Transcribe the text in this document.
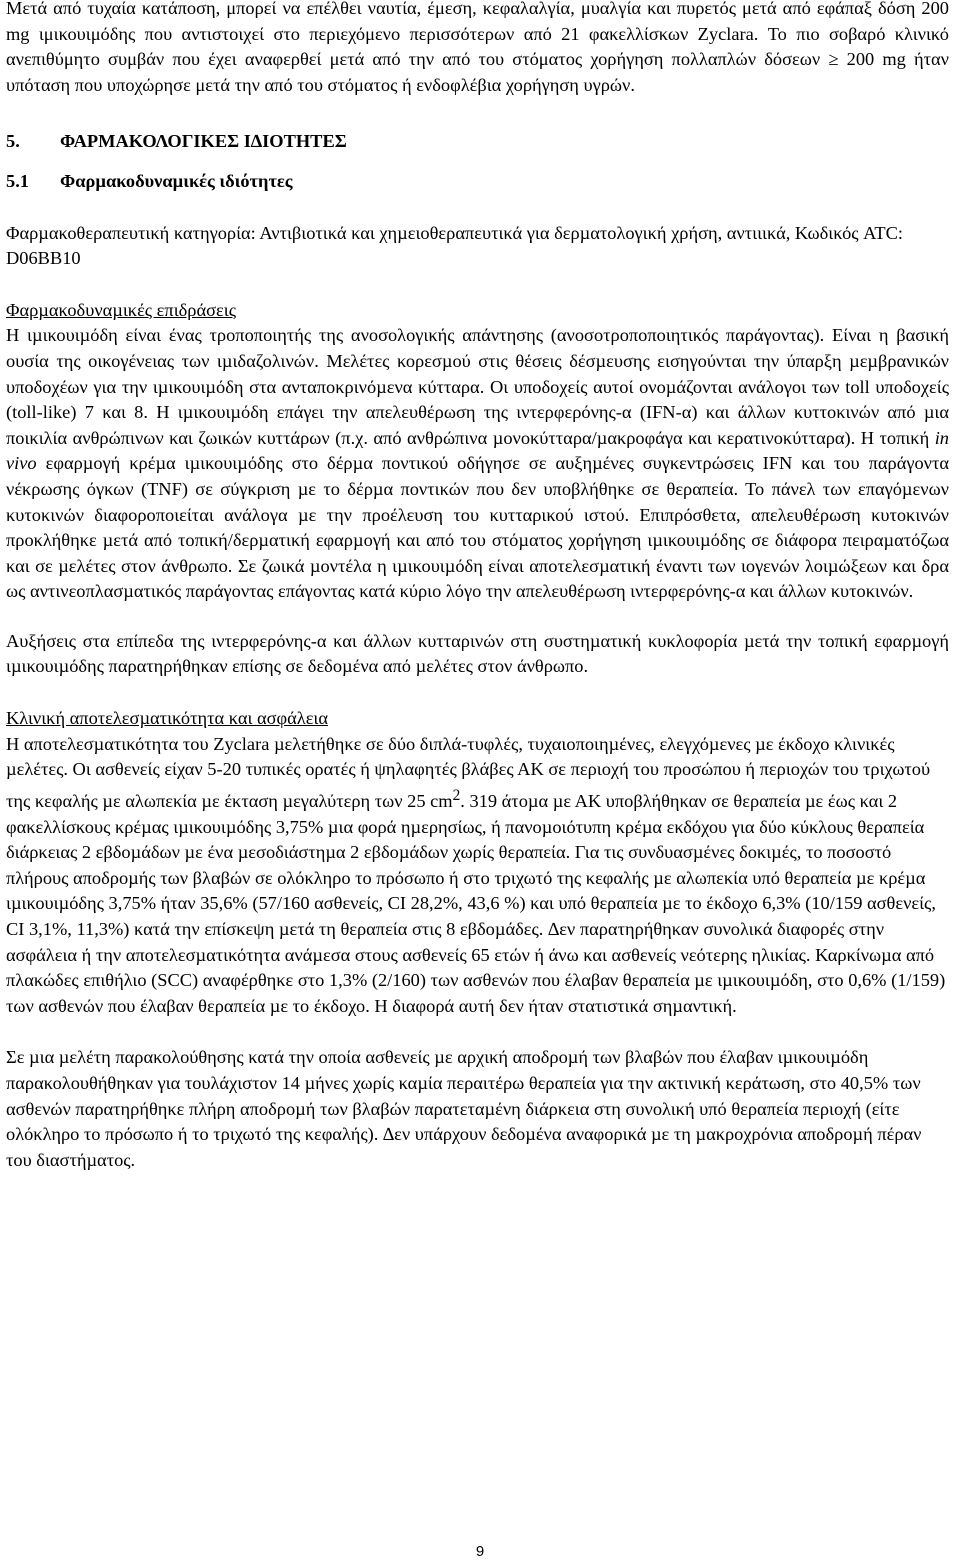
Μετά από τυχαία κατάποση, μπορεί να επέλθει ναυτία, έμεση, κεφαλαλγία, μυαλγία και πυρετός μετά από εφάπαξ δόση 200 mg ιμικουιμόδης που αντιστοιχεί στο περιεχόμενο περισσότερων από 21 φακελλίσκων Zyclara. Το πιο σοβαρό κλινικό ανεπιθύμητο συμβάν που έχει αναφερθεί μετά από την από του στόματος χορήγηση πολλαπλών δόσεων ≥ 200 mg ήταν υπόταση που υποχώρησε μετά την από του στόματος ή ενδοφλέβια χορήγηση υγρών.

5. ΦΑΡΜΑΚΟΛΟΓΙΚΕΣ Ι∆ΙΟΤΗΤΕΣ

5.1 Φαρµακοδυναµικές ιδιότητες

Φαρµακοθεραπευτική κατηγορία: Αντιβιοτικά και χηµειοθεραπευτικά για δερµατολογική χρήση, αντιιικά, Κωδικός ATC: D06BB10

Φαρµακοδυναµικές επιδράσεις

Η ιµικουιµόδη είναι ένας τροποποιητής της ανοσολογικής απάντησης (ανοσοτροποποιητικός παράγοντας). Είναι η βασική ουσία της οικογένειας των ιµιδαζολινών. Μελέτες κορεσµού στις θέσεις δέσµευσης εισηγούνται την ύπαρξη µεµβρανικών υποδοχέων για την ιµικουιµόδη στα ανταποκρινόµενα κύτταρα. Οι υποδοχείς αυτοί ονοµάζονται ανάλογοι των toll υποδοχείς (toll-like) 7 και 8. Η ιµικουιµόδη επάγει την απελευθέρωση της ιντερφερόνης-α (IFN-α) και άλλων κυττοκινών από µια ποικιλία ανθρώπινων και ζωικών κυττάρων (π.χ. από ανθρώπινα µονοκύτταρα/µακροφάγα και κερατινοκύτταρα). Η τοπική in vivo εφαρµογή κρέµα ιµικουιµόδης στο δέρµα ποντικού οδήγησε σε αυξηµένες συγκεντρώσεις IFN και του παράγοντα νέκρωσης όγκων (TNF) σε σύγκριση µε το δέρµα ποντικών που δεν υποβλήθηκε σε θεραπεία. Το πάνελ των επαγόµενων κυτοκινών διαφοροποιείται ανάλογα µε την προέλευση του κυτταρικού ιστού. Επιπρόσθετα, απελευθέρωση κυτοκινών προκλήθηκε µετά από τοπική/δερµατική εφαρµογή και από του στόµατος χορήγηση ιµικουιµόδης σε διάφορα πειραµατόζωα και σε µελέτες στον άνθρωπο. Σε ζωικά µοντέλα η ιµικουιµόδη είναι αποτελεσµατική έναντι των ιογενών λοιµώξεων και δρα ως αντινεοπλασµατικός παράγοντας επάγοντας κατά κύριο λόγο την απελευθέρωση ιντερφερόνης-α και άλλων κυτοκινών.

Αυξήσεις στα επίπεδα της ιντερφερόνης-α και άλλων κυτταρινών στη συστηµατική κυκλοφορία µετά την τοπική εφαρµογή ιµικουιµόδης παρατηρήθηκαν επίσης σε δεδοµένα από µελέτες στον άνθρωπο.

Κλινική αποτελεσµατικότητα και ασφάλεια

Η αποτελεσµατικότητα του Zyclara µελετήθηκε σε δύο διπλά-τυφλές, τυχαιοποιηµένες, ελεγχόµενες µε έκδοχο κλινικές µελέτες. Οι ασθενείς είχαν 5-20 τυπικές ορατές ή ψηλαφητές βλάβες ΑΚ σε περιοχή του προσώπου ή περιοχών του τριχωτού της κεφαλής µε αλωπεκία µε έκταση µεγαλύτερη των 25 $cm^2$. 319 άτοµα µε ΑΚ υποβλήθηκαν σε θεραπεία µε έως και 2 φακελλίσκους κρέµας ιµικουιµόδης 3,75% µια φορά ηµερησίως, ή πανοµοιότυπη κρέµα εκδόχου για δύο κύκλους θεραπεία διάρκειας 2 εβδοµάδων µε ένα µεσοδιάστηµα 2 εβδοµάδων χωρίς θεραπεία. Για τις συνδυασµένες δοκιµές, το ποσοστό πλήρους αποδροµής των βλαβών σε ολόκληρο το πρόσωπο ή στο τριχωτό της κεφαλής µε αλωπεκία υπό θεραπεία µε κρέµα ιµικουιµόδης 3,75% ήταν 35,6% (57/160 ασθενείς, CI 28,2%, 43,6 %) και υπό θεραπεία µε το έκδοχο 6,3% (10/159 ασθενείς, CI 3,1%, 11,3%) κατά την επίσκεψη µετά τη θεραπεία στις 8 εβδοµάδες. ∆εν παρατηρήθηκαν συνολικά διαφορές στην ασφάλεια ή την αποτελεσµατικότητα ανάµεσα στους ασθενείς 65 ετών ή άνω και ασθενείς νεότερης ηλικίας. Καρκίνωµα από πλακώδες επιθήλιο (SCC) αναφέρθηκε στο 1,3% (2/160) των ασθενών που έλαβαν θεραπεία µε ιµικουιµόδη, στο 0,6% (1/159) των ασθενών που έλαβαν θεραπεία µε το έκδοχο. Η διαφορά αυτή δεν ήταν στατιστικά σηµαντική.

Σε µια µελέτη παρακολούθησης κατά την οποία ασθενείς µε αρχική αποδροµή των βλαβών που έλαβαν ιµικουιµόδη παρακολουθήθηκαν για τουλάχιστον 14 µήνες χωρίς καµία περαιτέρω θεραπεία για την ακτινική κεράτωση, στο 40,5% των ασθενών παρατηρήθηκε πλήρη αποδροµή των βλαβών παρατεταµένη διάρκεια στη συνολική υπό θεραπεία περιοχή (είτε ολόκληρο το πρόσωπο ή το τριχωτό της κεφαλής). ∆εν υπάρχουν δεδοµένα αναφορικά µε τη µακροχρόνια αποδροµή πέραν του διαστήµατος.

9
